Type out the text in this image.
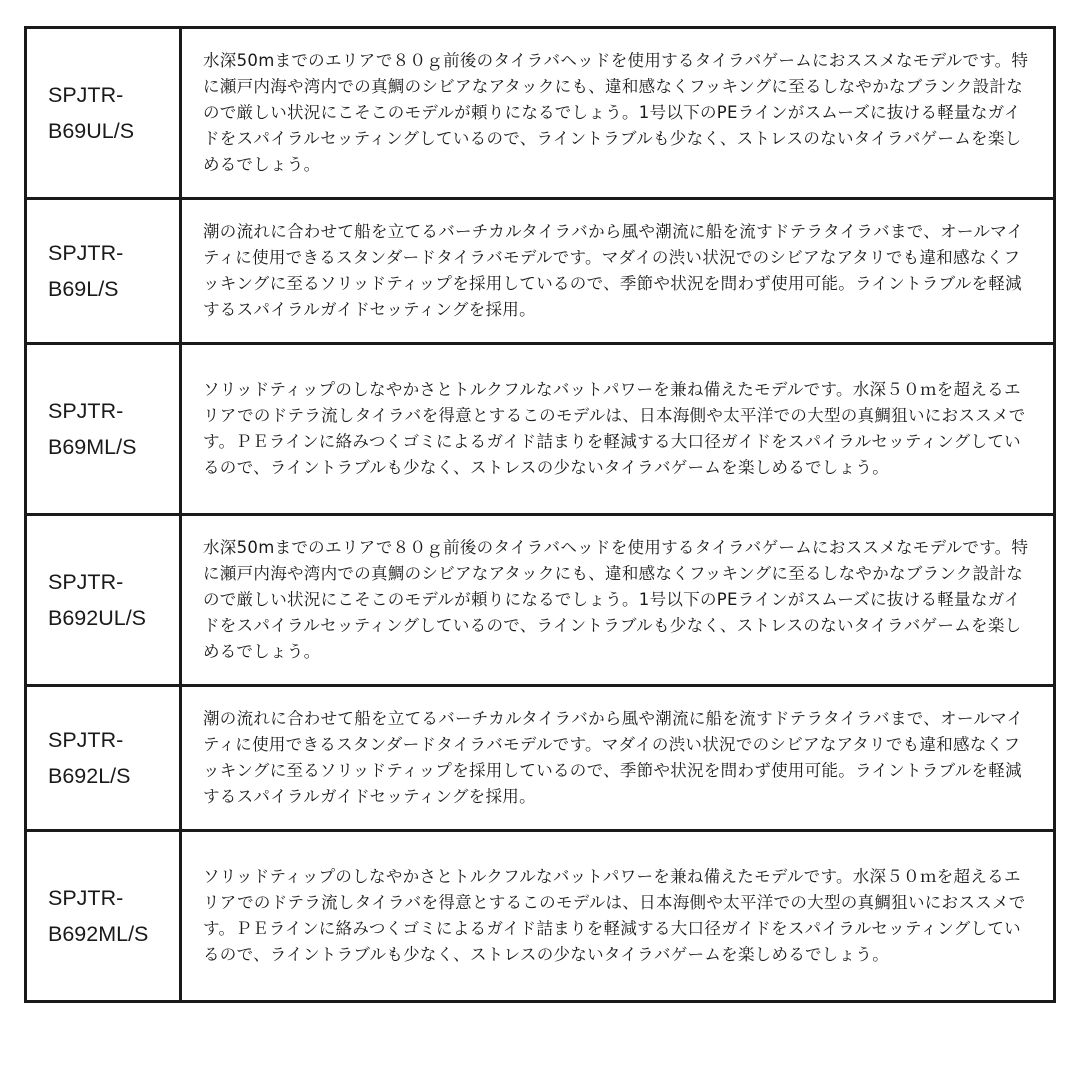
SPJTR-
B69UL/S	水深50mまでのエリアで８０ｇ前後のタイラバヘッドを使用するタイラバゲームにおススメなモデルです。特に瀬戸内海や湾内での真鯛のシビアなアタックにも、違和感なくフッキングに至るしなやかなブランク設計なので厳しい状況にこそこのモデルが頼りになるでしょう。1号以下のPEラインがスムーズに抜ける軽量なガイドをスパイラルセッティングしているので、ライントラブルも少なく、ストレスのないタイラバゲームを楽しめるでしょう。

SPJTR-
B69L/S	潮の流れに合わせて船を立てるバーチカルタイラバから風や潮流に船を流すドテラタイラバまで、オールマイティに使用できるスタンダードタイラバモデルです。マダイの渋い状況でのシビアなアタリでも違和感なくフッキングに至るソリッドティップを採用しているので、季節や状況を問わず使用可能。ライントラブルを軽減するスパイラルガイドセッティングを採用。

SPJTR-
B69ML/S	ソリッドティップのしなやかさとトルクフルなバットパワーを兼ね備えたモデルです。水深５０ｍを超えるエリアでのドテラ流しタイラバを得意とするこのモデルは、日本海側や太平洋での大型の真鯛狙いにおススメです。ＰＥラインに絡みつくゴミによるガイド詰まりを軽減する大口径ガイドをスパイラルセッティングしているので、ライントラブルも少なく、ストレスの少ないタイラバゲームを楽しめるでしょう。

SPJTR-
B692UL/S	水深50mまでのエリアで８０ｇ前後のタイラバヘッドを使用するタイラバゲームにおススメなモデルです。特に瀬戸内海や湾内での真鯛のシビアなアタックにも、違和感なくフッキングに至るしなやかなブランク設計なので厳しい状況にこそこのモデルが頼りになるでしょう。1号以下のPEラインがスムーズに抜ける軽量なガイドをスパイラルセッティングしているので、ライントラブルも少なく、ストレスのないタイラバゲームを楽しめるでしょう。

SPJTR-
B692L/S	潮の流れに合わせて船を立てるバーチカルタイラバから風や潮流に船を流すドテラタイラバまで、オールマイティに使用できるスタンダードタイラバモデルです。マダイの渋い状況でのシビアなアタリでも違和感なくフッキングに至るソリッドティップを採用しているので、季節や状況を問わず使用可能。ライントラブルを軽減するスパイラルガイドセッティングを採用。

SPJTR-
B692ML/S	ソリッドティップのしなやかさとトルクフルなバットパワーを兼ね備えたモデルです。水深５０ｍを超えるエリアでのドテラ流しタイラバを得意とするこのモデルは、日本海側や太平洋での大型の真鯛狙いにおススメです。ＰＥラインに絡みつくゴミによるガイド詰まりを軽減する大口径ガイドをスパイラルセッティングしているので、ライントラブルも少なく、ストレスの少ないタイラバゲームを楽しめるでしょう。
